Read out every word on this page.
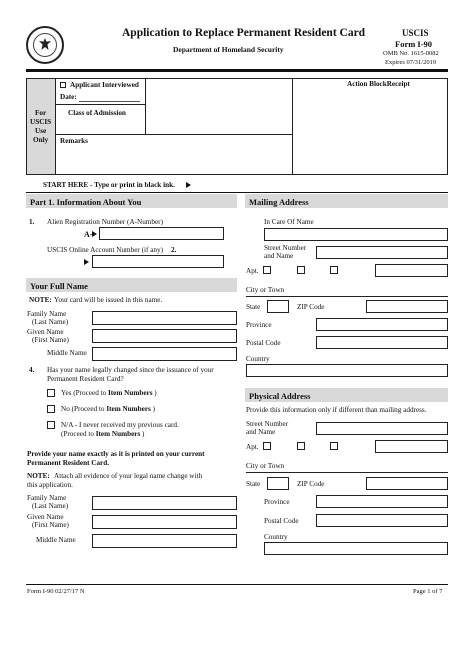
Application to Replace Permanent Resident Card
Department of Homeland Security
USCIS
Form I-90
OMB No. 1615-0082
Expires 07/31/2019
For
USCIS
Use
Only
Applicant Interviewed
Date:
Class of Admission
Remarks
Action BlockReceipt
START HERE - Type or print in black ink.
Part 1. Information About You
1. Alien Registration Number (A-Number)
A-
USCIS Online Account Number (if any) 2.
Your Full Name
NOTE: Your card will be issued in this name.
Family Name
(Last Name)
Given Name
(First Name)
Middle Name
4. Has your name legally changed since the issuance of your
Permanent Resident Card?
Yes (Proceed to Item Numbers )
No (Proceed to Item Numbers )
N/A - I never received my previous card.
(Proceed to Item Numbers )
Provide your name exactly as it is printed on your current
Permanent Resident Card.
NOTE: Attach all evidence of your legal name change with
this application.
Family Name
(Last Name)
Given Name
(First Name)
Middle Name
Mailing Address
In Care Of Name
Street Number
and Name
Apt.
City or Town
State	ZIP Code
Province
Postal Code
Country
Physical Address
Provide this information only if different than mailing address.
Street Number
and Name
Apt.
City or Town
State	ZIP Code
Province
Postal Code
Country
Form I-90 02/27/17 N	Page 1 of 7
